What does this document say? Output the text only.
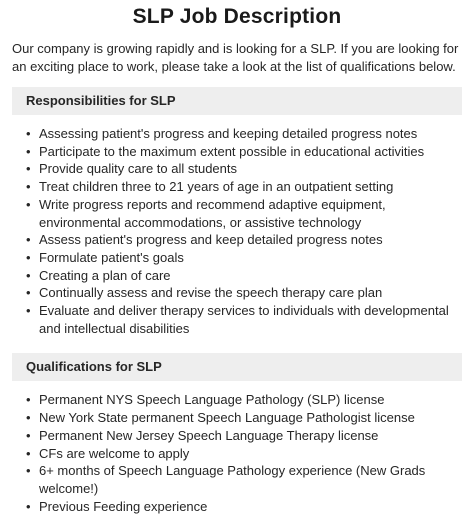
SLP Job Description

Our company is growing rapidly and is looking for a SLP. If you are looking for an exciting place to work, please take a look at the list of qualifications below.

Responsibilities for SLP
• Assessing patient's progress and keeping detailed progress notes
• Participate to the maximum extent possible in educational activities
• Provide quality care to all students
• Treat children three to 21 years of age in an outpatient setting
• Write progress reports and recommend adaptive equipment, environmental accommodations, or assistive technology
• Assess patient's progress and keep detailed progress notes
• Formulate patient's goals
• Creating a plan of care
• Continually assess and revise the speech therapy care plan
• Evaluate and deliver therapy services to individuals with developmental and intellectual disabilities
Qualifications for SLP
• Permanent NYS Speech Language Pathology (SLP) license
• New York State permanent Speech Language Pathologist license
• Permanent New Jersey Speech Language Therapy license
• CFs are welcome to apply
• 6+ months of Speech Language Pathology experience (New Grads welcome!)
• Previous Feeding experience
